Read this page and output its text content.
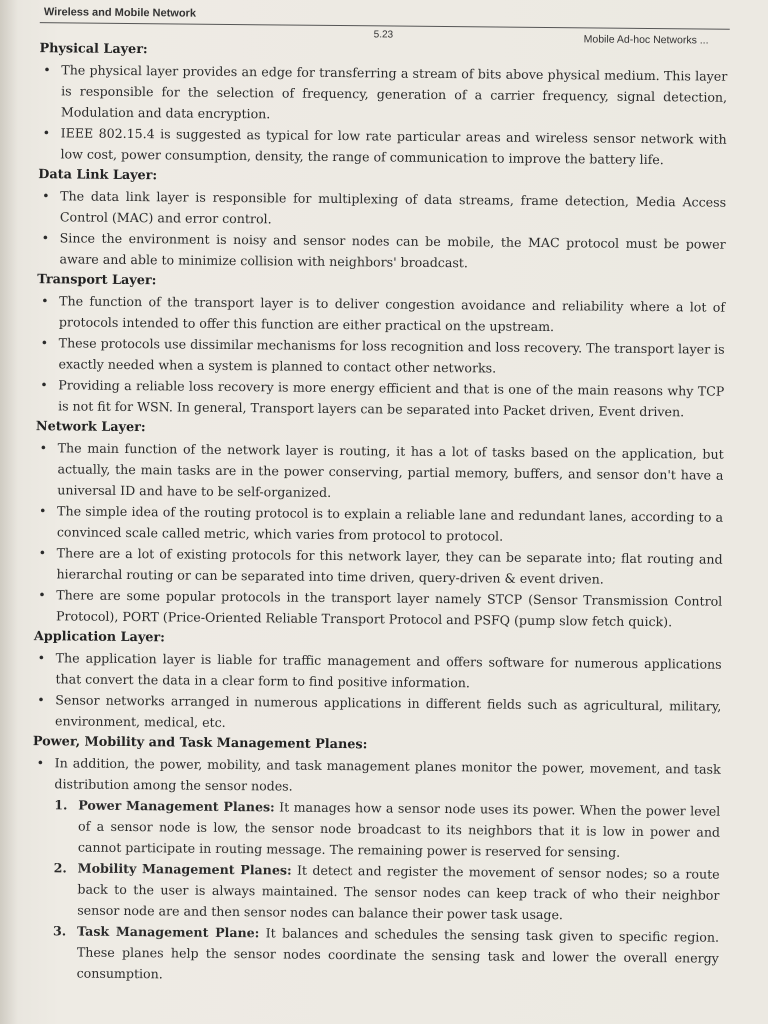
Wireless and Mobile Network
5.23	Mobile Ad-hoc Networks ...
Physical Layer:
• The physical layer provides an edge for transferring a stream of bits above physical medium. This layer is responsible for the selection of frequency, generation of a carrier frequency, signal detection, Modulation and data encryption.
• IEEE 802.15.4 is suggested as typical for low rate particular areas and wireless sensor network with low cost, power consumption, density, the range of communication to improve the battery life.
Data Link Layer:
• The data link layer is responsible for multiplexing of data streams, frame detection, Media Access Control (MAC) and error control.
• Since the environment is noisy and sensor nodes can be mobile, the MAC protocol must be power aware and able to minimize collision with neighbors' broadcast.
Transport Layer:
• The function of the transport layer is to deliver congestion avoidance and reliability where a lot of protocols intended to offer this function are either practical on the upstream.
• These protocols use dissimilar mechanisms for loss recognition and loss recovery. The transport layer is exactly needed when a system is planned to contact other networks.
• Providing a reliable loss recovery is more energy efficient and that is one of the main reasons why TCP is not fit for WSN. In general, Transport layers can be separated into Packet driven, Event driven.
Network Layer:
• The main function of the network layer is routing, it has a lot of tasks based on the application, but actually, the main tasks are in the power conserving, partial memory, buffers, and sensor don't have a universal ID and have to be self-organized.
• The simple idea of the routing protocol is to explain a reliable lane and redundant lanes, according to a convinced scale called metric, which varies from protocol to protocol.
• There are a lot of existing protocols for this network layer, they can be separate into; flat routing and hierarchal routing or can be separated into time driven, query-driven & event driven.
• There are some popular protocols in the transport layer namely STCP (Sensor Transmission Control Protocol), PORT (Price-Oriented Reliable Transport Protocol and PSFQ (pump slow fetch quick).
Application Layer:
• The application layer is liable for traffic management and offers software for numerous applications that convert the data in a clear form to find positive information.
• Sensor networks arranged in numerous applications in different fields such as agricultural, military, environment, medical, etc.
Power, Mobility and Task Management Planes:
• In addition, the power, mobility, and task management planes monitor the power, movement, and task distribution among the sensor nodes.
1. Power Management Planes: It manages how a sensor node uses its power. When the power level of a sensor node is low, the sensor node broadcast to its neighbors that it is low in power and cannot participate in routing message. The remaining power is reserved for sensing.
2. Mobility Management Planes: It detect and register the movement of sensor nodes; so a route back to the user is always maintained. The sensor nodes can keep track of who their neighbor sensor node are and then sensor nodes can balance their power task usage.
3. Task Management Plane: It balances and schedules the sensing task given to specific region. These planes help the sensor nodes coordinate the sensing task and lower the overall energy consumption.
